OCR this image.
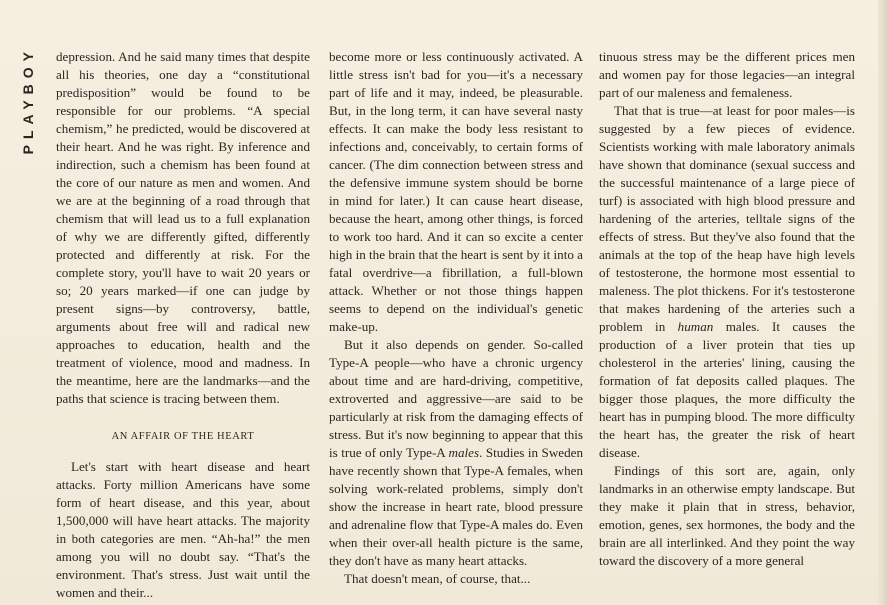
PLAYBOY depression. And he said many times that despite all his theories, one day a “constitutional predisposition” would be found to be responsible for our problems. “A special chemism,” he predicted, would be discovered at their heart. And he was right. By inference and indirection, such a chemism has been found at the core of our nature as men and women. And we are at the beginning of a road through that chemism that will lead us to a full explanation of why we are differently gifted, differently protected and differently at risk. For the complete story, you'll have to wait 20 years or so; 20 years marked—if one can judge by present signs—by controversy, battle, arguments about free will and radical new approaches to education, health and the treatment of violence, mood and madness. In the meantime, here are the landmarks—and the paths that science is tracing between them.

AN AFFAIR OF THE HEART

Let's start with heart disease and heart attacks. Forty million Americans have some form of heart disease, and this year, about 1,500,000 will have heart attacks. The majority in both categories are men. “Ah-ha!” the men among you will no doubt say. “That's the environment. That's stress. Just wait until the women and their...

become more or less continuously activated. A little stress isn't bad for you—it's a necessary part of life and it may, indeed, be pleasurable. But, in the long term, it can have several nasty effects. It can make the body less resistant to infections and, conceivably, to certain forms of cancer. (The dim connection between stress and the defensive immune system should be borne in mind for later.) It can cause heart disease, because the heart, among other things, is forced to work too hard. And it can so excite a center high in the brain that the heart is sent by it into a fatal overdrive—a fibrillation, a full-blown attack. Whether or not those things happen seems to depend on the individual's genetic make-up.

But it also depends on gender. So-called Type-A people—who have a chronic urgency about time and are hard-driving, competitive, extroverted and aggressive—are said to be particularly at risk from the damaging effects of stress. But it's now beginning to appear that this is true of only Type-A males. Studies in Sweden have recently shown that Type-A females, when solving work-related problems, simply don't show the increase in heart rate, blood pressure and adrenaline flow that Type-A males do. Even when their over-all health picture is the same, they don't have as many heart attacks.

That doesn't mean, of course, that...

tinuous stress may be the different prices men and women pay for those legacies—an integral part of our maleness and femaleness.

That that is true—at least for poor males—is suggested by a few pieces of evidence. Scientists working with male laboratory animals have shown that dominance (sexual success and the successful maintenance of a large piece of turf) is associated with high blood pressure and hardening of the arteries, telltale signs of the effects of stress. But they've also found that the animals at the top of the heap have high levels of testosterone, the hormone most essential to maleness. The plot thickens. For it's testosterone that makes hardening of the arteries such a problem in human males. It causes the production of a liver protein that ties up cholesterol in the arteries' lining, causing the formation of fat deposits called plaques. The bigger those plaques, the more difficulty the heart has in pumping blood. The more difficulty the heart has, the greater the risk of heart disease.

Findings of this sort are, again, only landmarks in an otherwise empty landscape. But they make it plain that in stress, behavior, emotion, genes, sex hormones, the body and the brain are all interlinked. And they point the way toward the discovery of a more general
